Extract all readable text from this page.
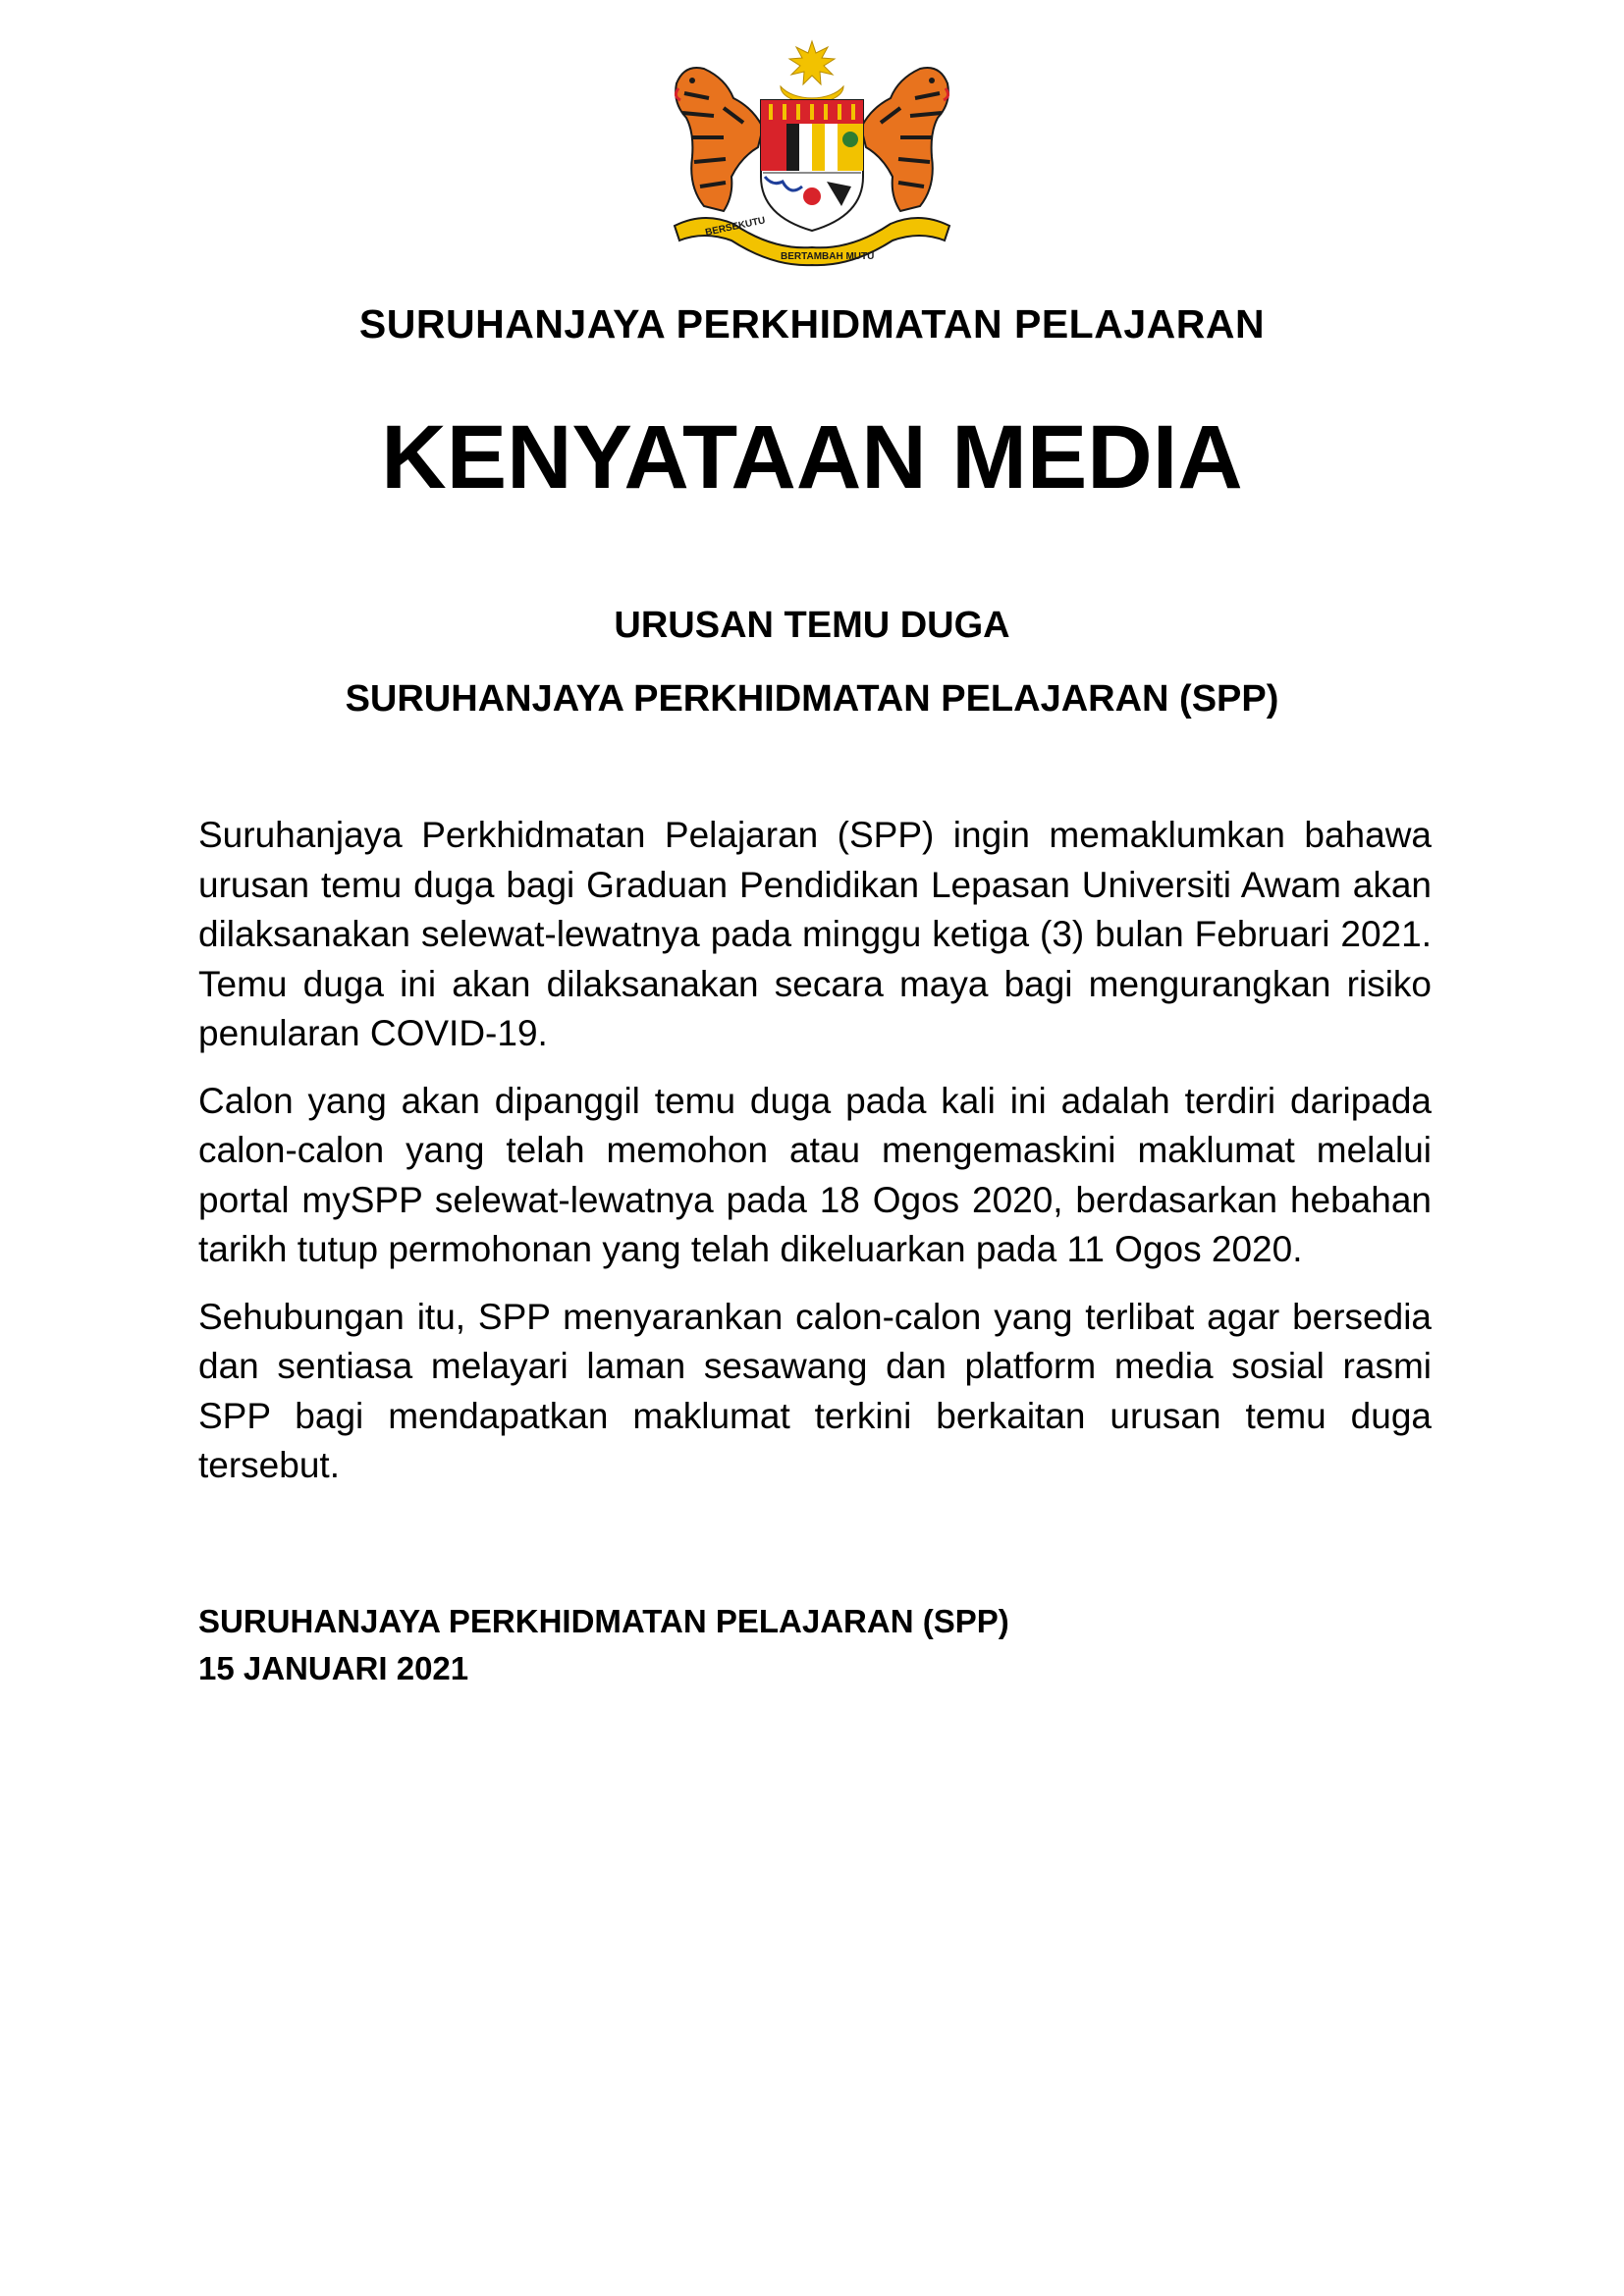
BERSEKUTU
BERTAMBAH MUTU
SURUHANJAYA PERKHIDMATAN PELAJARAN
KENYATAAN MEDIA
URUSAN TEMU DUGA
SURUHANJAYA PERKHIDMATAN PELAJARAN (SPP)

Suruhanjaya Perkhidmatan Pelajaran (SPP) ingin memaklumkan bahawa urusan temu duga bagi Graduan Pendidikan Lepasan Universiti Awam akan dilaksanakan selewat-lewatnya pada minggu ketiga (3) bulan Februari 2021. Temu duga ini akan dilaksanakan secara maya bagi mengurangkan risiko penularan COVID-19.

Calon yang akan dipanggil temu duga pada kali ini adalah terdiri daripada calon-calon yang telah memohon atau mengemaskini maklumat melalui portal mySPP selewat-lewatnya pada 18 Ogos 2020, berdasarkan hebahan tarikh tutup permohonan yang telah dikeluarkan pada 11 Ogos 2020.

Sehubungan itu, SPP menyarankan calon-calon yang terlibat agar bersedia dan sentiasa melayari laman sesawang dan platform media sosial rasmi SPP bagi mendapatkan maklumat terkini berkaitan urusan temu duga tersebut.

SURUHANJAYA PERKHIDMATAN PELAJARAN (SPP)
15 JANUARI 2021
